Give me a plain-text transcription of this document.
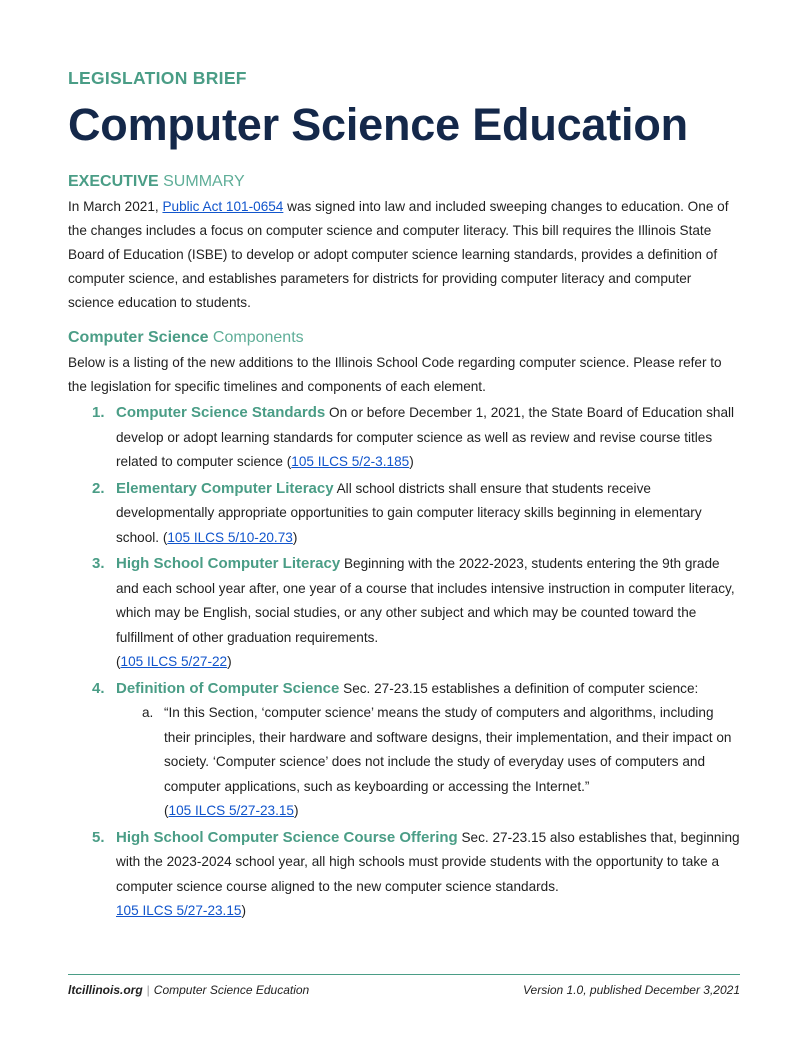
LEGISLATION BRIEF
Computer Science Education
EXECUTIVE SUMMARY

In March 2021, Public Act 101-0654 was signed into law and included sweeping changes to education. One of the changes includes a focus on computer science and computer literacy. This bill requires the Illinois State Board of Education (ISBE) to develop or adopt computer science learning standards, provides a definition of computer science, and establishes parameters for districts for providing computer literacy and computer science education to students.

Computer Science Components

Below is a listing of the new additions to the Illinois School Code regarding computer science. Please refer to the legislation for specific timelines and components of each element.

1. Computer Science Standards On or before December 1, 2021, the State Board of Education shall develop or adopt learning standards for computer science as well as review and revise course titles related to computer science (105 ILCS 5/2-3.185)
2. Elementary Computer Literacy All school districts shall ensure that students receive developmentally appropriate opportunities to gain computer literacy skills beginning in elementary school. (105 ILCS 5/10-20.73)
3. High School Computer Literacy Beginning with the 2022-2023, students entering the 9th grade and each school year after, one year of a course that includes intensive instruction in computer literacy, which may be English, social studies, or any other subject and which may be counted toward the fulfillment of other graduation requirements.
(105 ILCS 5/27-22)
4. Definition of Computer Science Sec. 27-23.15 establishes a definition of computer science:
a. “In this Section, ‘computer science’ means the study of computers and algorithms, including their principles, their hardware and software designs, their implementation, and their impact on society. ‘Computer science’ does not include the study of everyday uses of computers and computer applications, such as keyboarding or accessing the Internet.”
(105 ILCS 5/27-23.15)
5. High School Computer Science Course Offering Sec. 27-23.15 also establishes that, beginning with the 2023-2024 school year, all high schools must provide students with the opportunity to take a computer science course aligned to the new computer science standards.
105 ILCS 5/27-23.15)
ltcillinois.org | Computer Science Education	Version 1.0, published December 3,2021
